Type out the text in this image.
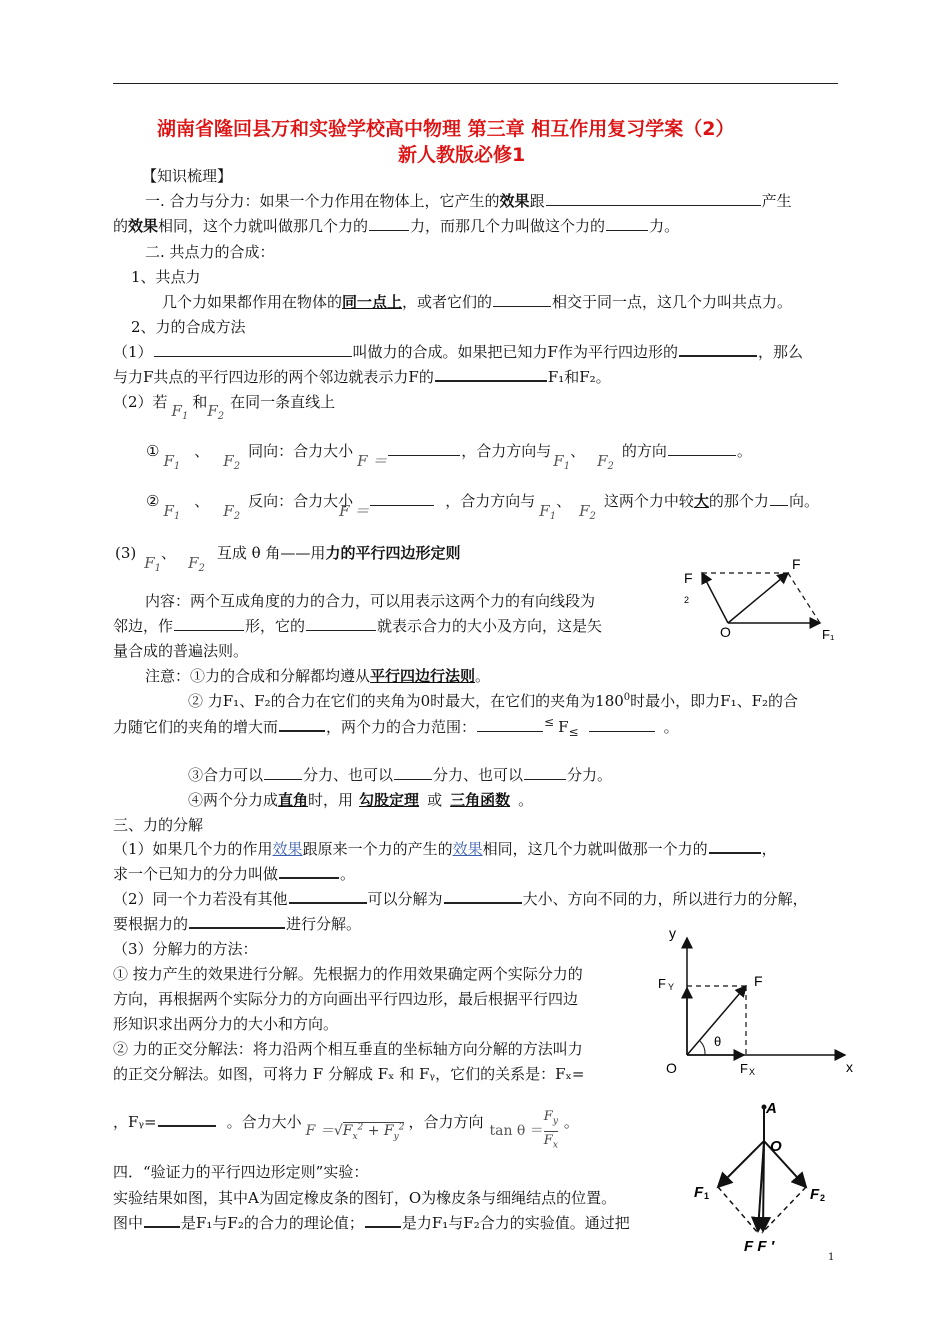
湖南省隆回县万和实验学校高中物理 第三章 相互作用复习学案（2）
新人教版必修1
【知识梳理】
一. 合力与分力：如果一个力作用在物体上，它产生的效果跟	产生
的效果相同，这个力就叫做那几个力的	力，而那几个力叫做这个力的	力。
二. 共点力的合成：
1、共点力
几个力如果都作用在物体的同一点上，或者它们的	相交于同一点，这几个力叫共点力。
2、力的合成方法
（1）	叫做力的合成。如果把已知力F作为平行四边形的	，那么
与力F共点的平行四边形的两个邻边就表示力F的	F₁和F₂。
（2）若 $F_1$和$F_2$在同一条直线上
$①F_1$、$F_2$同向：合力大小F ＝，合力方向与$F_1$、$F_2$的方向	。
$②F_1$、$F_2$反向：合力大小F ＝，合力方向与$F_1$、$F_2$这两个力中较大的那个力 向。
$(3)F_1$、$F_2$互成 θ 角——用力的平行四边形定则
内容：两个互成角度的力的合力，可以用表示这两个力的有向线段为
邻边，作	形，它的	就表示合力的大小及方向，这是矢
量合成的普遍法则。
F
F
2
O	F₁
注意：①力的合成和分解都均遵从平行四边行法则。
② 力F₁、F₂的合力在它们的夹角为0时最大，在它们的夹角为$180^0$时最小，即力F₁、F₂的合
力随它们的夹角的增大而	，两个力的合力范围：	≤ $F_\le$	。
③合力可以	分力、也可以	分力、也可以	分力。
④两个分力成直角时，用 勾股定理 或 三角函数 。
三、力的分解
（1）如果几个力的作用效果跟原来一个力的产生的效果相同，这几个力就叫做那一个力的	，
求一个已知力的分力叫做	。
（2）同一个力若没有其他	可以分解为	大小、方向不同的力，所以进行力的分解，
要根据力的	进行分解。
（3）分解力的方法：
① 按力产生的效果进行分解。先根据力的作用效果确定两个实际分力的
方向，再根据两个实际分力的方向画出平行四边形，最后根据平行四边
形知识求出两分力的大小和方向。
② 力的正交分解法：将力沿两个相互垂直的坐标轴方向分解的方法叫力
的正交分解法。如图，可将力 F 分解成 Fₓ 和 Fᵧ，它们的关系是：Fₓ=
，Fᵧ=	。合力大小 $F =√F_x^2 + F_y^2$ ，合力方向 $\tan \theta = \frac{F_y}{F_x}$ 。
y
F Y	F
θ
O	F X	x
四．“验证力的平行四边形定则”实验：
实验结果如图，其中A为固定橡皮条的图钉，O为橡皮条与细绳结点的位置。
图中	是F₁与F₂的合力的理论值；	是力F₁与F₂合力的实验值。通过把
A
O
F 1	F 2
F F ′
1
